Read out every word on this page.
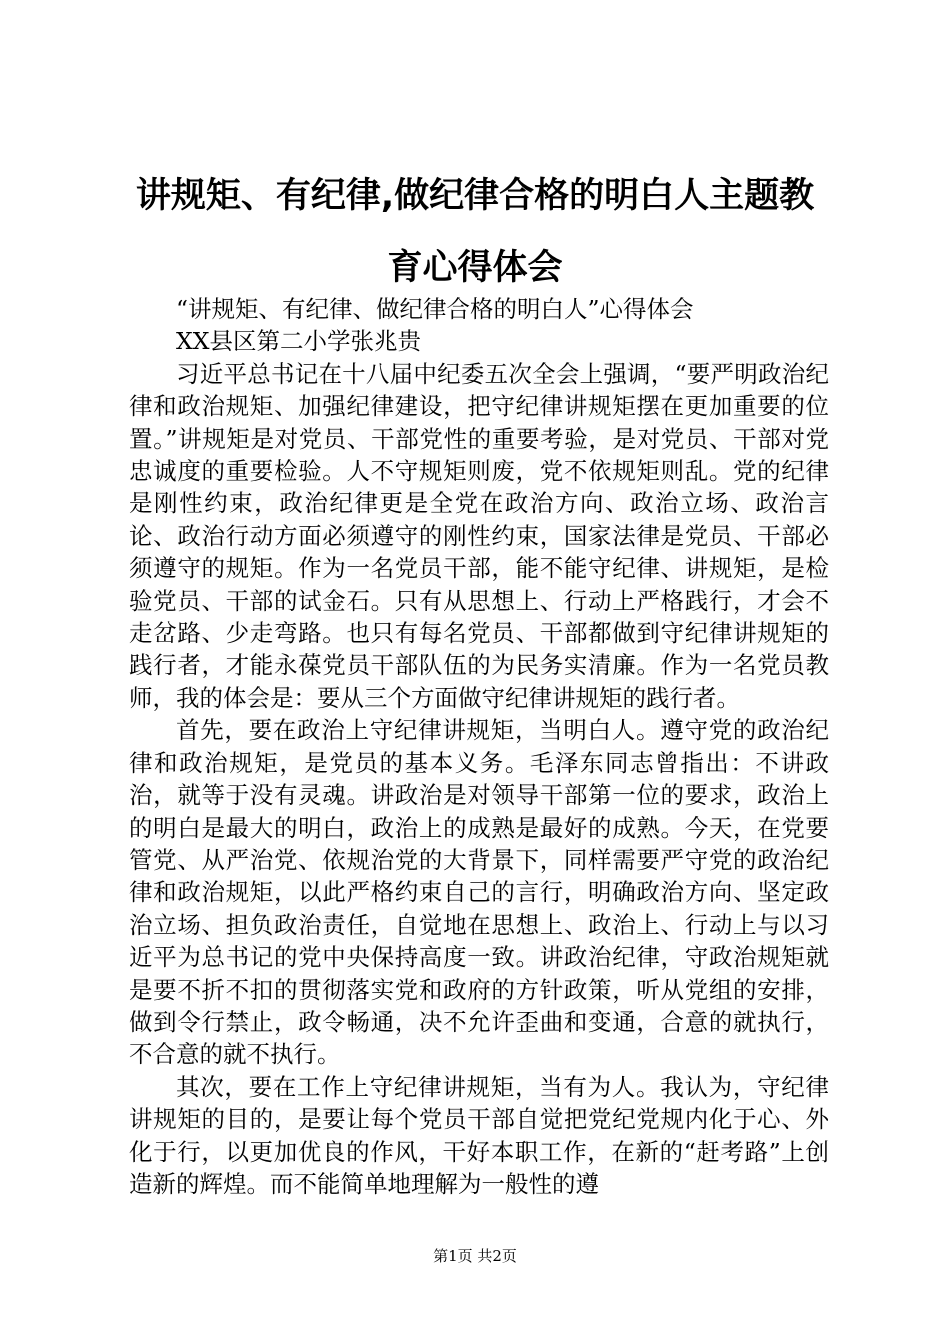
讲规矩、有纪律,做纪律合格的明白人主题教育心得体会

“讲规矩、有纪律、做纪律合格的明白人”心得体会

XX县区第二小学张兆贵

习近平总书记在十八届中纪委五次全会上强调，“要严明政治纪律和政治规矩、加强纪律建设，把守纪律讲规矩摆在更加重要的位置。”讲规矩是对党员、干部党性的重要考验，是对党员、干部对党忠诚度的重要检验。人不守规矩则废，党不依规矩则乱。党的纪律是刚性约束，政治纪律更是全党在政治方向、政治立场、政治言论、政治行动方面必须遵守的刚性约束，国家法律是党员、干部必须遵守的规矩。作为一名党员干部，能不能守纪律、讲规矩，是检验党员、干部的试金石。只有从思想上、行动上严格践行，才会不走岔路、少走弯路。也只有每名党员、干部都做到守纪律讲规矩的践行者，才能永葆党员干部队伍的为民务实清廉。作为一名党员教师，我的体会是：要从三个方面做守纪律讲规矩的践行者。

首先，要在政治上守纪律讲规矩，当明白人。遵守党的政治纪律和政治规矩，是党员的基本义务。毛泽东同志曾指出：不讲政治，就等于没有灵魂。讲政治是对领导干部第一位的要求，政治上的明白是最大的明白，政治上的成熟是最好的成熟。今天，在党要管党、从严治党、依规治党的大背景下，同样需要严守党的政治纪律和政治规矩，以此严格约束自己的言行，明确政治方向、坚定政治立场、担负政治责任，自觉地在思想上、政治上、行动上与以习近平为总书记的党中央保持高度一致。讲政治纪律，守政治规矩就是要不折不扣的贯彻落实党和政府的方针政策，听从党组的安排，做到令行禁止，政令畅通，决不允许歪曲和变通，合意的就执行，不合意的就不执行。

其次，要在工作上守纪律讲规矩，当有为人。我认为，守纪律讲规矩的目的，是要让每个党员干部自觉把党纪党规内化于心、外化于行，以更加优良的作风，干好本职工作，在新的“赶考路”上创造新的辉煌。而不能简单地理解为一般性的遵

第1页 共2页
